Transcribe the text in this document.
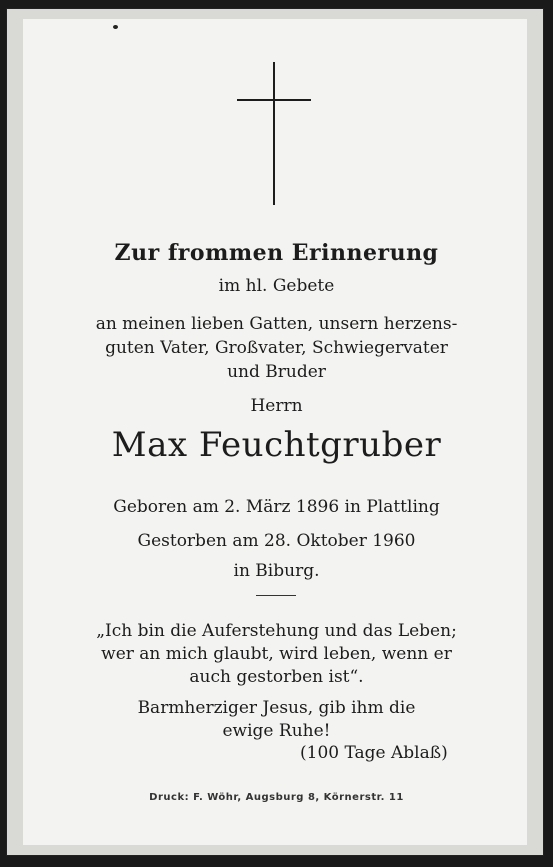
Zur frommen Erinnerung
im hl. Gebete
an meinen lieben Gatten, unsern herzens-
guten Vater, Großvater, Schwiegervater
und Bruder
Herrn
Max Feuchtgruber
Geboren am 2. März 1896 in Plattling
Gestorben am 28. Oktober 1960
in Biburg.
„Ich bin die Auferstehung und das Leben;
wer an mich glaubt, wird leben, wenn er
auch gestorben ist“.
Barmherziger Jesus, gib ihm die
ewige Ruhe!
(100 Tage Ablaß)
Druck: F. Wöhr, Augsburg 8, Körnerstr. 11
